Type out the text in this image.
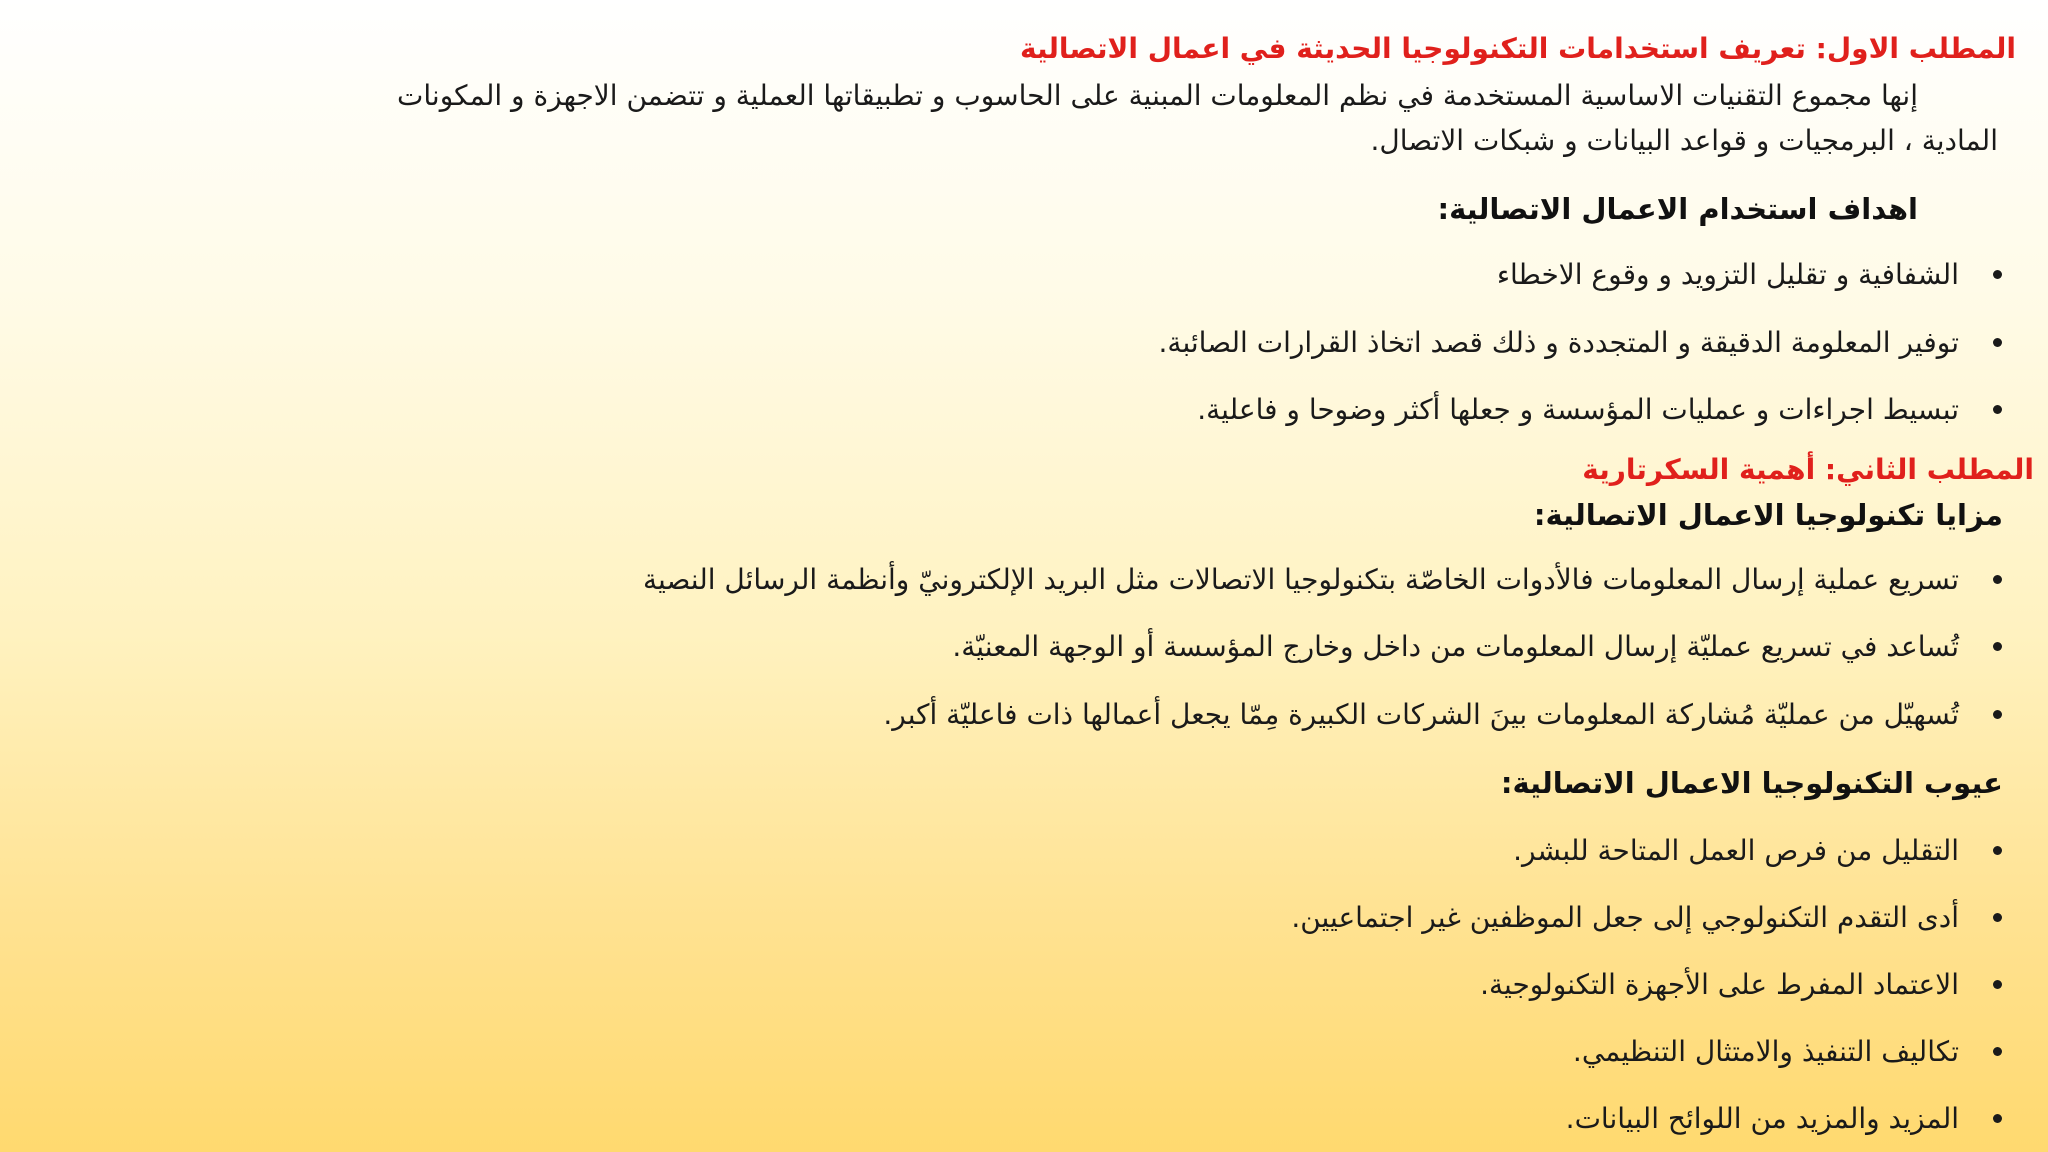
المطلب الاول: تعريف استخدامات التكنولوجيا الحديثة في اعمال الاتصالية
إنها مجموع التقنيات الاساسية المستخدمة في نظم المعلومات المبنية على الحاسوب و تطبيقاتها العملية و تتضمن الاجهزة و المكونات
المادية ، البرمجيات و قواعد البيانات و شبكات الاتصال.
اهداف استخدام الاعمال الاتصالية:
الشفافية و تقليل التزويد و وقوع الاخطاء
توفير المعلومة الدقيقة و المتجددة و ذلك قصد اتخاذ القرارات الصائبة.
تبسيط اجراءات و عمليات المؤسسة و جعلها أكثر وضوحا و فاعلية.
المطلب الثاني: أهمية السكرتارية
مزايا تكنولوجيا الاعمال الاتصالية:
تسريع عملية إرسال المعلومات فالأدوات الخاصّة بتكنولوجيا الاتصالات مثل البريد الإلكترونيّ وأنظمة الرسائل النصية
تُساعد في تسريع عمليّة إرسال المعلومات من داخل وخارج المؤسسة أو الوجهة المعنيّة.
تُسهيّل من عمليّة مُشاركة المعلومات بينَ الشركات الكبيرة مِمّا يجعل أعمالها ذات فاعليّة أكبر.
عيوب التكنولوجيا الاعمال الاتصالية:
التقليل من فرص العمل المتاحة للبشر.
أدى التقدم التكنولوجي إلى جعل الموظفين غير اجتماعيين.
الاعتماد المفرط على الأجهزة التكنولوجية.
تكاليف التنفيذ والامتثال التنظيمي.
المزيد والمزيد من اللوائح البيانات.
